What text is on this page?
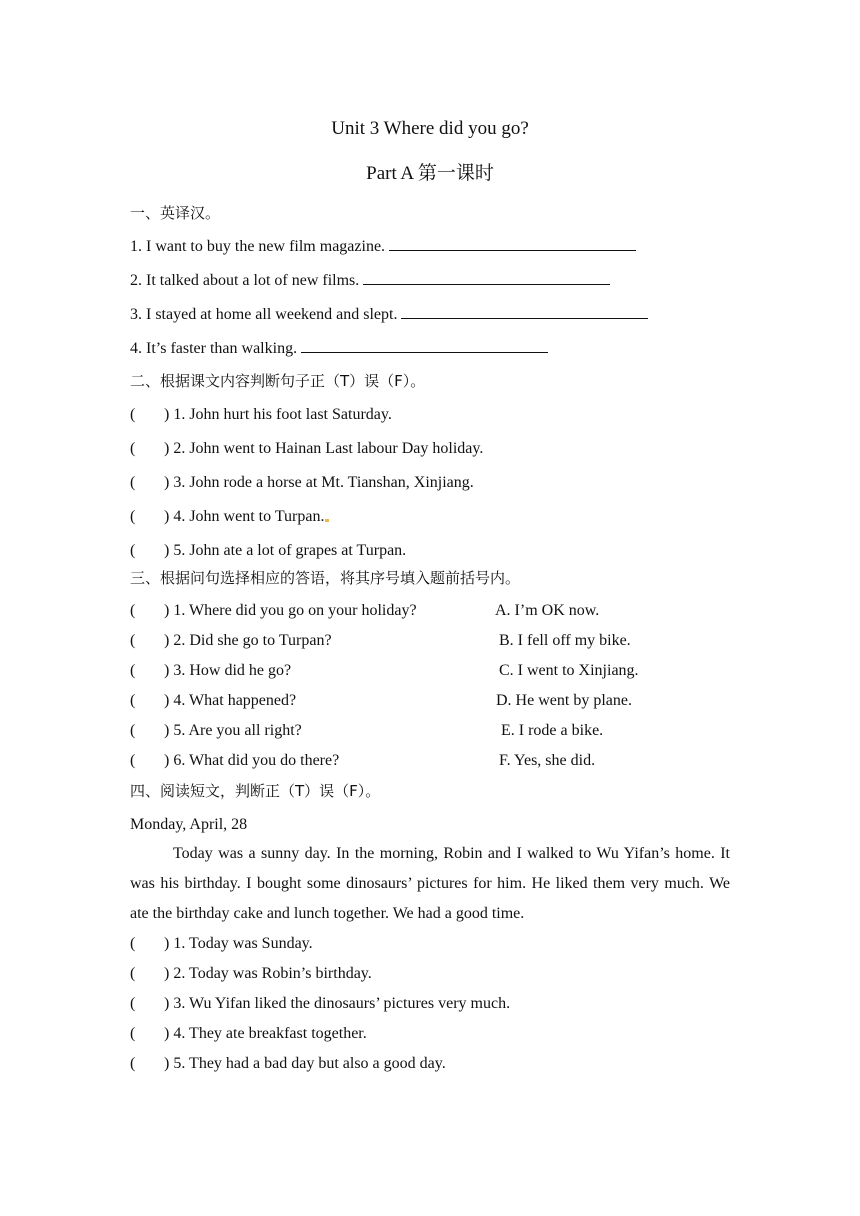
Unit 3 Where did you go?
Part A 第一课时
一、英译汉。
1. I want to buy the new film magazine.
2. It talked about a lot of new films.
3. I stayed at home all weekend and slept.
4. It’s faster than walking.
二、根据课文内容判断句子正（T）误（F）。
( ) 1. John hurt his foot last Saturday.
( ) 2. John went to Hainan Last labour Day holiday.
( ) 3. John rode a horse at Mt. Tianshan, Xinjiang.
( ) 4. John went to Turpan.
( ) 5. John ate a lot of grapes at Turpan.
三、根据问句选择相应的答语，将其序号填入题前括号内。
( ) 1. Where did you go on your holiday?
( ) 2. Did she go to Turpan?
( ) 3. How did he go?
( ) 4. What happened?
( ) 5. Are you all right?
( ) 6. What did you do there?
A. I’m OK now.
B. I fell off my bike.
C. I went to Xinjiang.
D. He went by plane.
E. I rode a bike.
F. Yes, she did.
四、阅读短文，判断正（T）误（F）。
Monday, April, 28
Today was a sunny day. In the morning, Robin and I walked to Wu Yifan’s home. It was his birthday. I bought some dinosaurs’ pictures for him. He liked them very much. We ate the birthday cake and lunch together. We had a good time.
( ) 1. Today was Sunday.
( ) 2. Today was Robin’s birthday.
( ) 3. Wu Yifan liked the dinosaurs’ pictures very much.
( ) 4. They ate breakfast together.
( ) 5. They had a bad day but also a good day.
